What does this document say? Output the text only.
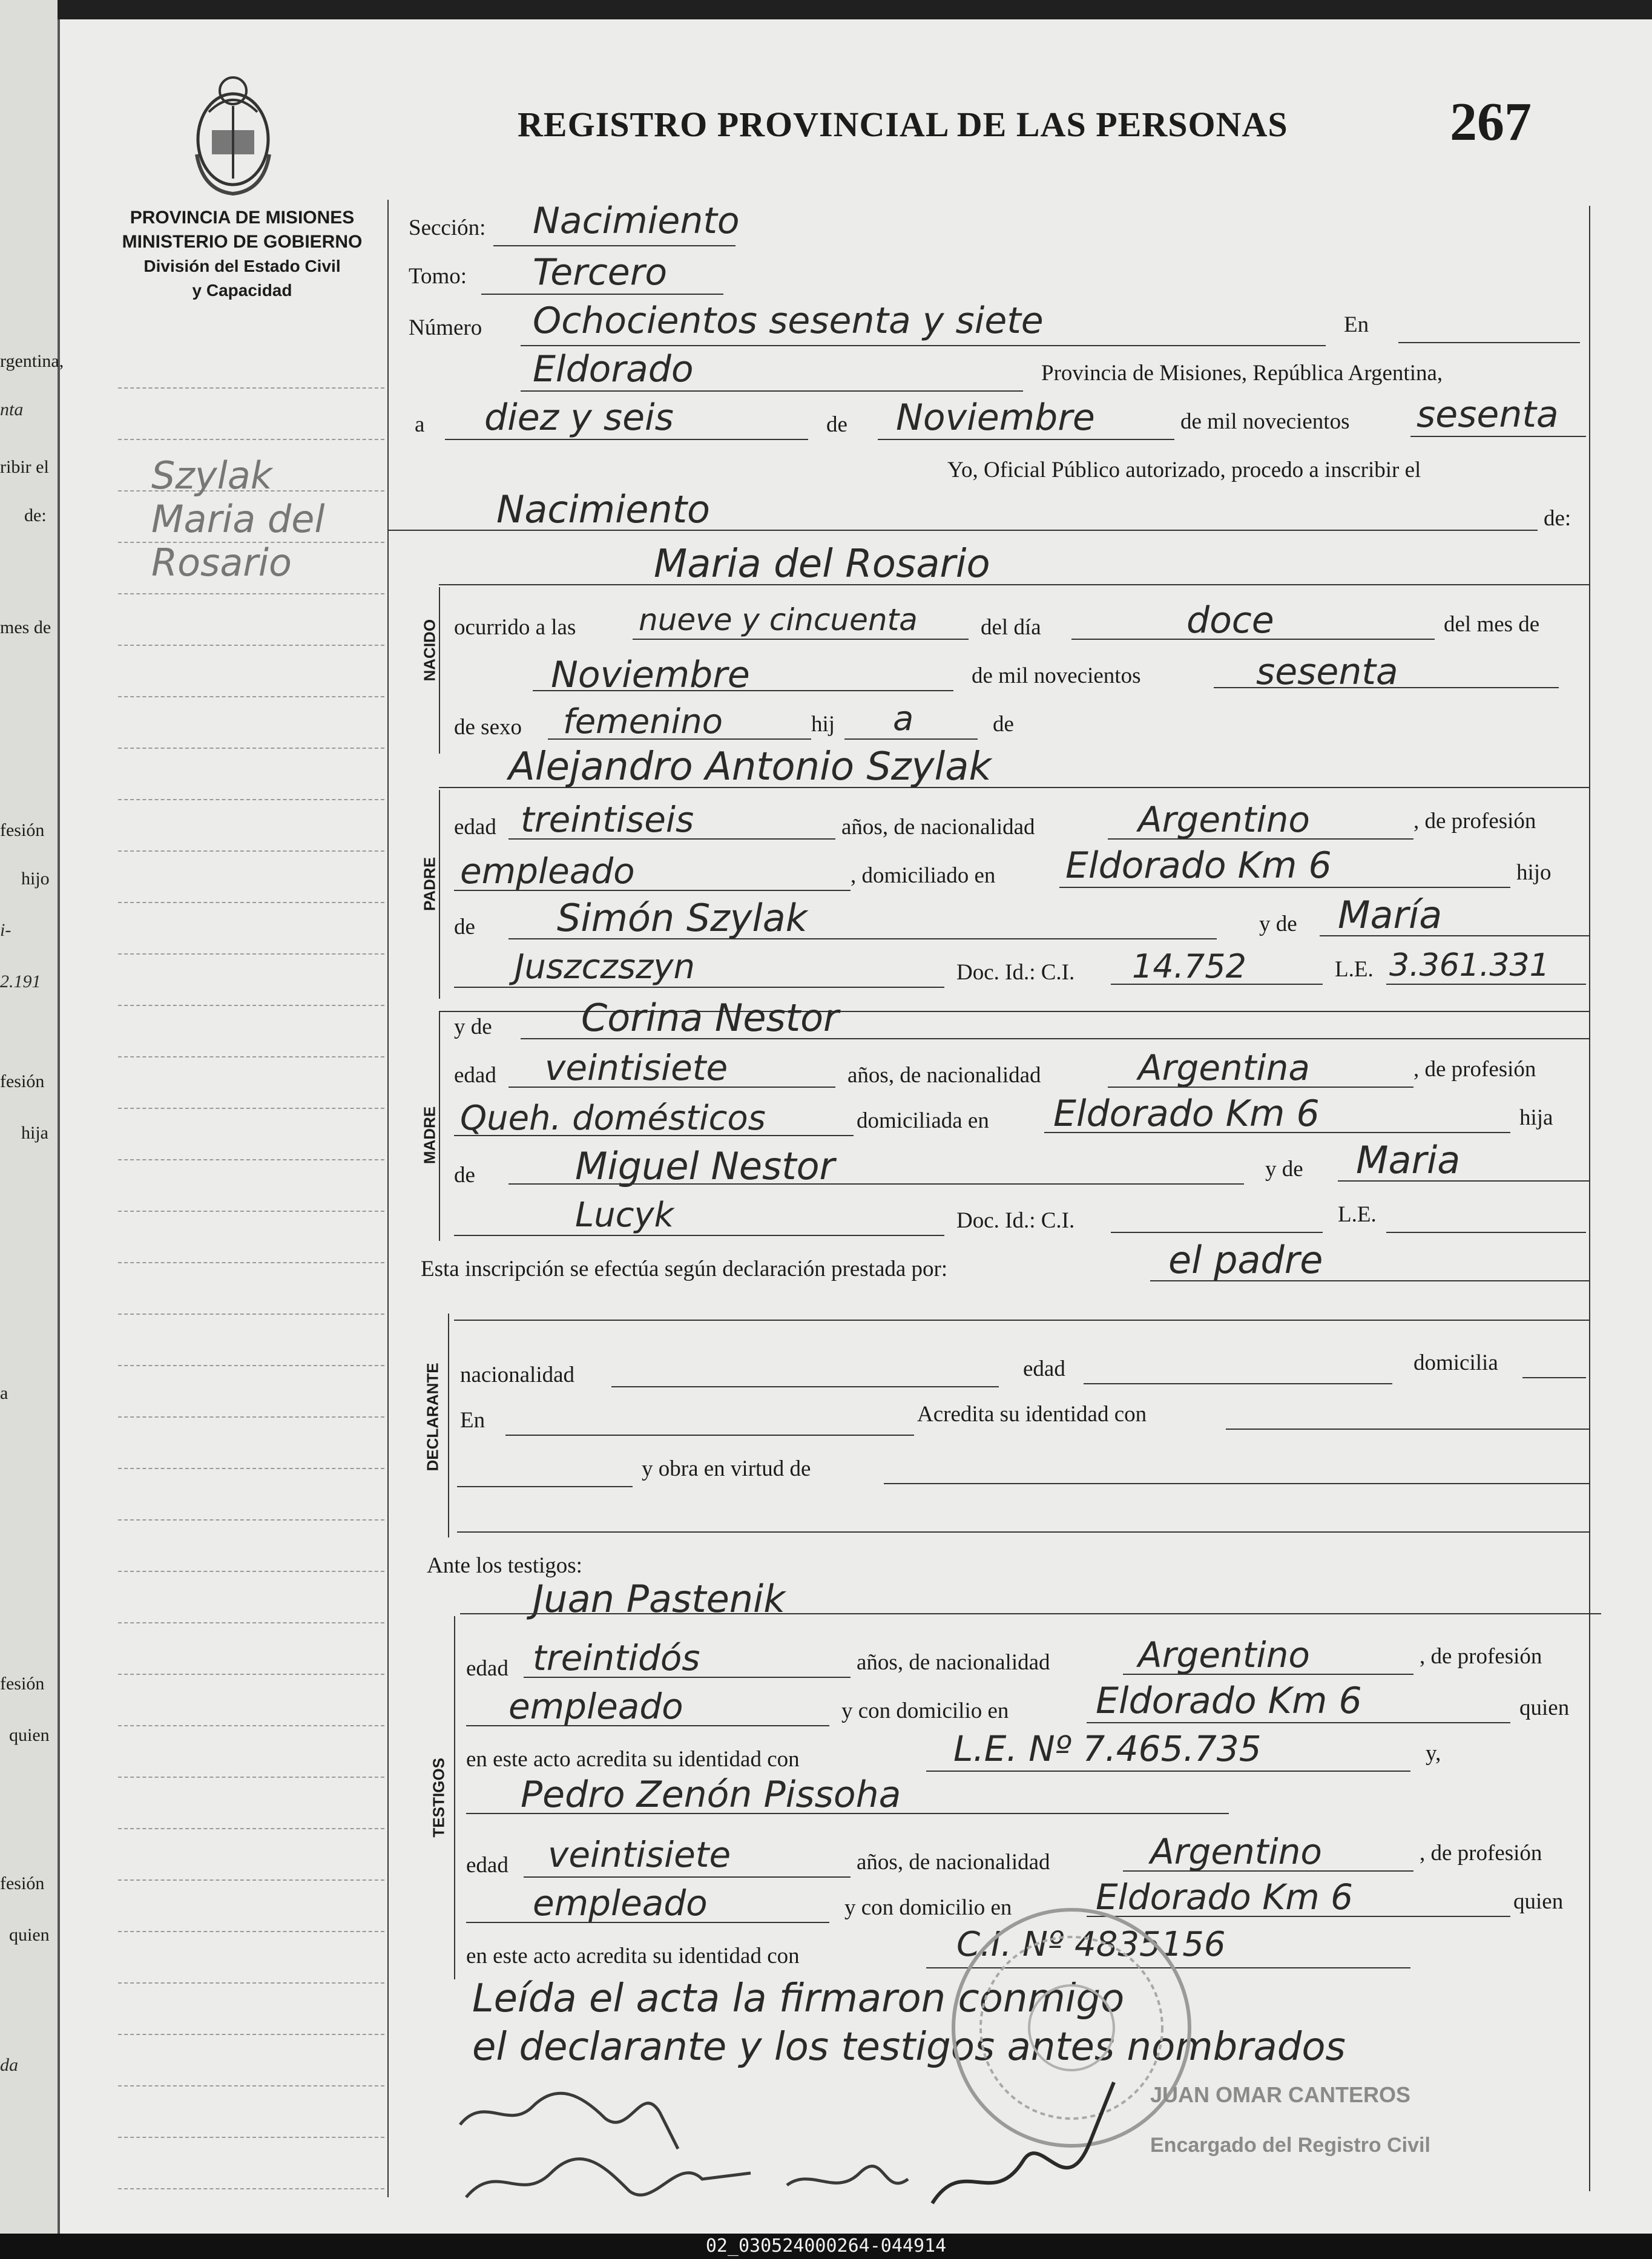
PROVINCIA DE MISIONES
MINISTERIO DE GOBIERNO
División del Estado Civil
y Capacidad
REGISTRO PROVINCIAL DE LAS PERSONAS	267
Szylak
Maria del
Rosario
rgentina,
nta
ribir el
de:
mes de
fesión
hijo
i-
2.191
fesión
hija
a
fesión
quien
fesión
quien
da
Sección: Nacimiento
Tomo: Tercero
Número Ochocientos sesenta y siete	En
Eldorado	Provincia de Misiones, República Argentina,
a diez y seis	de Noviembre	de mil novecientos sesenta
Yo, Oficial Público autorizado, procedo a inscribir el
Nacimiento	de:
Maria del Rosario
NACIDO ocurrido a las nueve y cincuenta	del día	doce	del mes de
Noviembre	de mil novecientos	sesenta
de sexo femenino	hij a	de
Alejandro Antonio Szylak
PADRE
edad treintiseis	años, de nacionalidad	Argentino	, de profesión
empleado	, domiciliado en Eldorado Km 6	hijo
de Simón Szylak	y de María
Juszczszyn	Doc. Id.: C.I. 14.752	L.E. 3.361.331
MADRE
y de Corina Nestor
edad veintisiete	años, de nacionalidad	Argentina	, de profesión
Queh. domésticos	domiciliada en Eldorado Km 6	hija
de	Miguel Nestor	y de Maria
Lucyk	Doc. Id.: C.I.	L.E.
Esta inscripción se efectúa según declaración prestada por:	el padre
DECLARANTE nacionalidad	edad	domicilia
En	Acredita su identidad con
y obra en virtud de
Ante los testigos:
Juan Pastenik
TESTIGOS
edad treintidós	años, de nacionalidad	Argentino	, de profesión
empleado	y con domicilio en Eldorado Km 6	quien
en este acto acredita su identidad con	L.E. Nº 7.465.735	y,
Pedro Zenón Pissoha
edad veintisiete	años, de nacionalidad	Argentino	, de profesión
empleado	y con domicilio en Eldorado Km 6	quien
en este acto acredita su identidad con	C.I. Nº 4835156
Leída el acta la firmaron conmigo
el declarante y los testigos antes nombrados
JUAN OMAR CANTEROS
Encargado del Registro Civil
02_030524000264-044914
